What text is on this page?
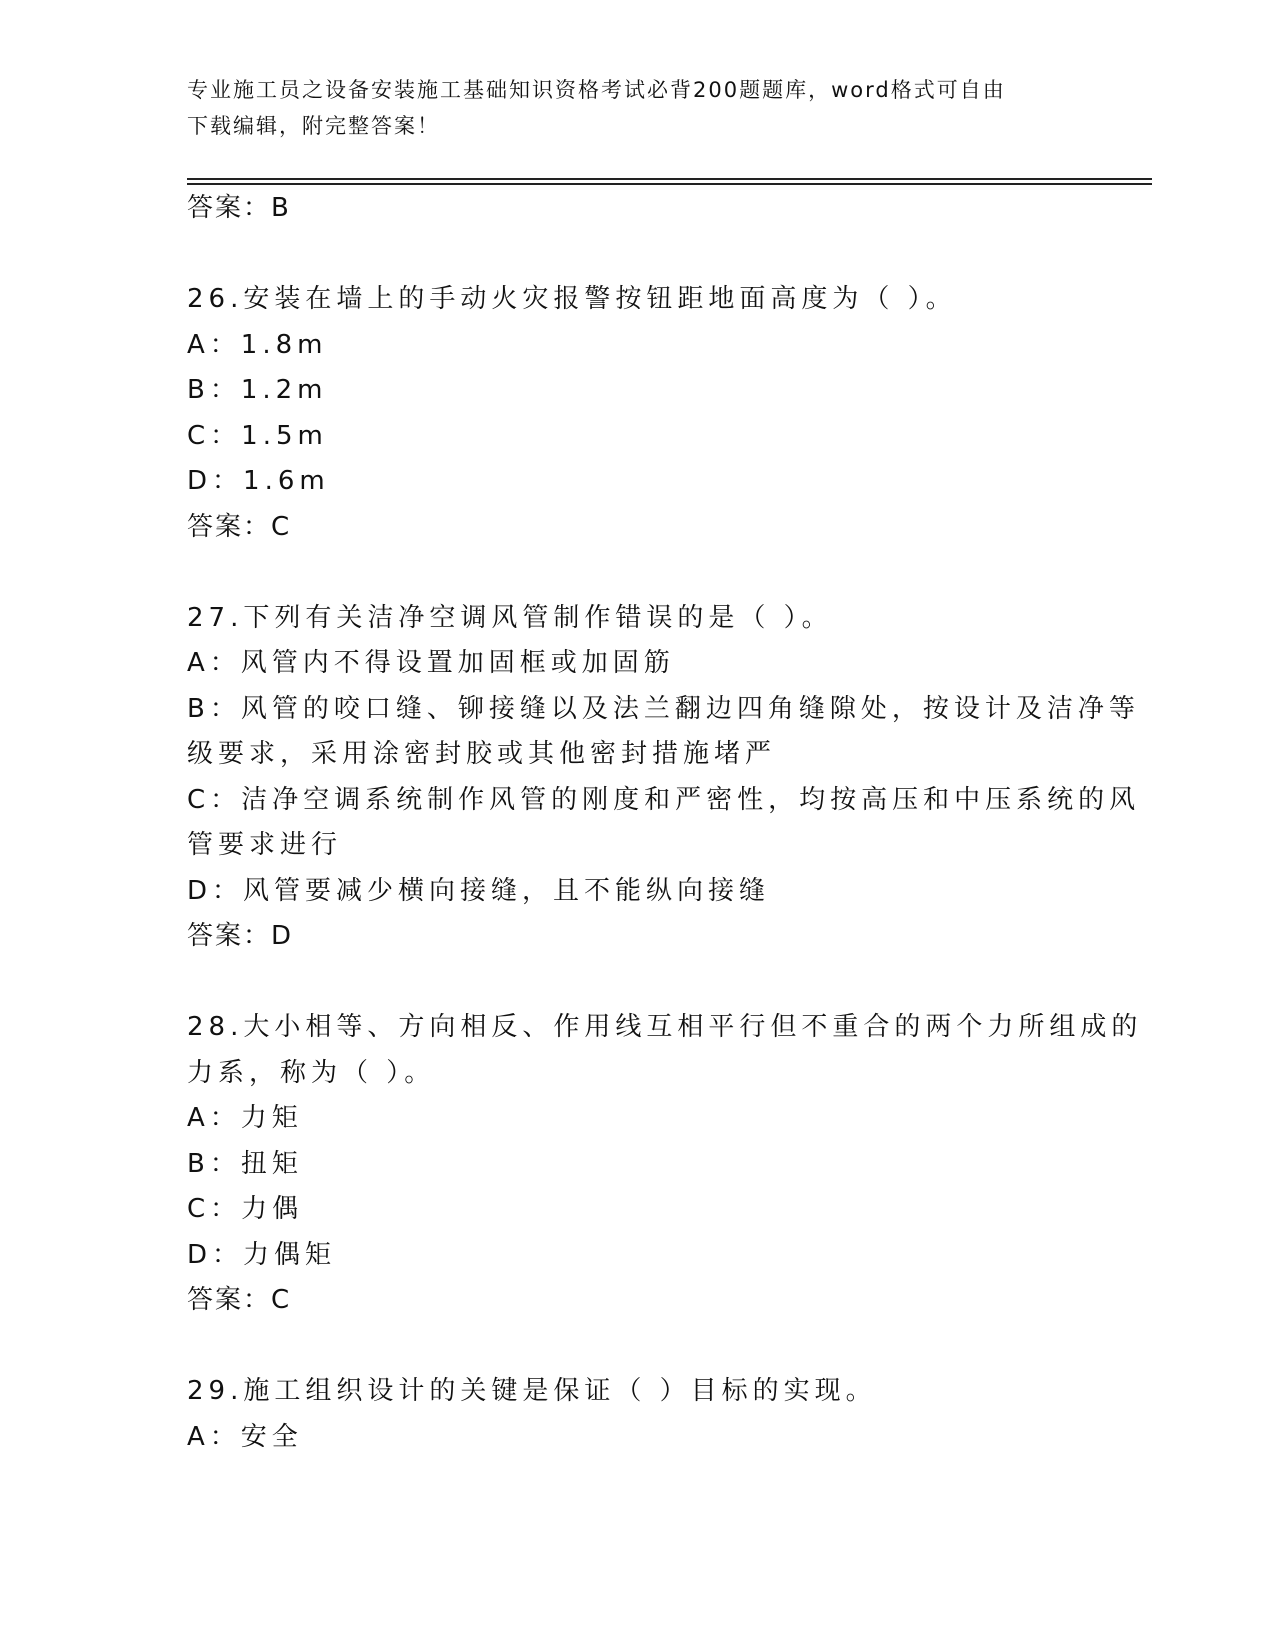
专业施工员之设备安装施工基础知识资格考试必背200题题库，word格式可自由
下载编辑，附完整答案！
答案：B
26.安装在墙上的手动火灾报警按钮距地面高度为（ ）。
A：1.8m
B：1.2m
C：1.5m
D：1.6m
答案：C
27.下列有关洁净空调风管制作错误的是（ ）。
A：风管内不得设置加固框或加固筋
B：风管的咬口缝、铆接缝以及法兰翻边四角缝隙处，按设计及洁净等
级要求，采用涂密封胶或其他密封措施堵严
C：洁净空调系统制作风管的刚度和严密性，均按高压和中压系统的风
管要求进行
D：风管要减少横向接缝，且不能纵向接缝
答案：D
28.大小相等、方向相反、作用线互相平行但不重合的两个力所组成的
力系，称为（ ）。
A：力矩
B：扭矩
C：力偶
D：力偶矩
答案：C
29.施工组织设计的关键是保证（ ）目标的实现。
A：安全
